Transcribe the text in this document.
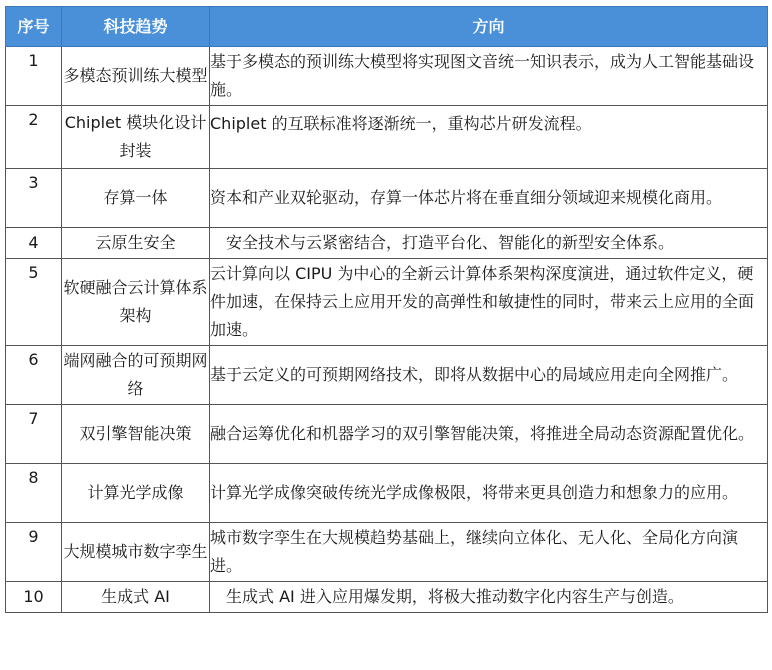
序号	科技趋势	方向
1	多模态预训练大模型	基于多模态的预训练大模型将实现图文音统一知识表示，成为人工智能基础设施。
2	Chiplet 模块化设计封装	Chiplet 的互联标准将逐渐统一，重构芯片研发流程。
3	存算一体	资本和产业双轮驱动，存算一体芯片将在垂直细分领域迎来规模化商用。
4	云原生安全	安全技术与云紧密结合，打造平台化、智能化的新型安全体系。
5	软硬融合云计算体系架构	云计算向以 CIPU 为中心的全新云计算体系架构深度演进，通过软件定义，硬件加速，在保持云上应用开发的高弹性和敏捷性的同时，带来云上应用的全面加速。
6	端网融合的可预期网络	基于云定义的可预期网络技术，即将从数据中心的局域应用走向全网推广。
7	双引擎智能决策	融合运筹优化和机器学习的双引擎智能决策，将推进全局动态资源配置优化。
8	计算光学成像	计算光学成像突破传统光学成像极限，将带来更具创造力和想象力的应用。
9	大规模城市数字孪生	城市数字孪生在大规模趋势基础上，继续向立体化、无人化、全局化方向演进。
10	生成式 AI	生成式 AI 进入应用爆发期，将极大推动数字化内容生产与创造。
